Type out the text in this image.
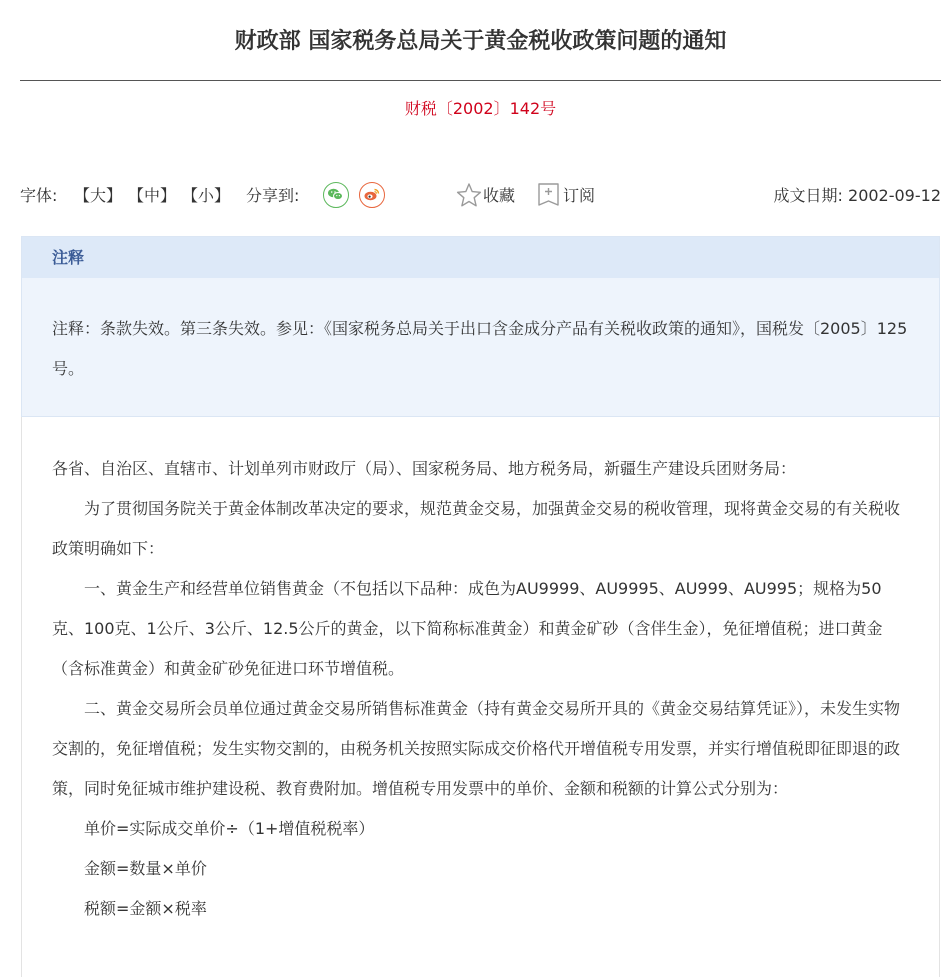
财政部 国家税务总局关于黄金税收政策问题的通知
财税〔2002〕142号
字体: 【大】 【中】 【小】 分享到:	收藏	订阅	成文日期: 2002-09-12
注释
注释：条款失效。第三条失效。参见：《国家税务总局关于出口含金成分产品有关税收政策的通知》，国税发〔2005〕125号。

各省、自治区、直辖市、计划单列市财政厅（局）、国家税务局、地方税务局，新疆生产建设兵团财务局：

为了贯彻国务院关于黄金体制改革决定的要求，规范黄金交易，加强黄金交易的税收管理，现将黄金交易的有关税收政策明确如下：

一、黄金生产和经营单位销售黄金（不包括以下品种：成色为AU9999、AU9995、AU999、AU995；规格为50克、100克、1公斤、3公斤、12.5公斤的黄金，以下简称标准黄金）和黄金矿砂（含伴生金），免征增值税；进口黄金（含标准黄金）和黄金矿砂免征进口环节增值税。

二、黄金交易所会员单位通过黄金交易所销售标准黄金（持有黄金交易所开具的《黄金交易结算凭证》），未发生实物交割的，免征增值税；发生实物交割的，由税务机关按照实际成交价格代开增值税专用发票，并实行增值税即征即退的政策，同时免征城市维护建设税、教育费附加。增值税专用发票中的单价、金额和税额的计算公式分别为：

单价=实际成交单价÷（1+增值税税率）

金额=数量×单价

税额=金额×税率
